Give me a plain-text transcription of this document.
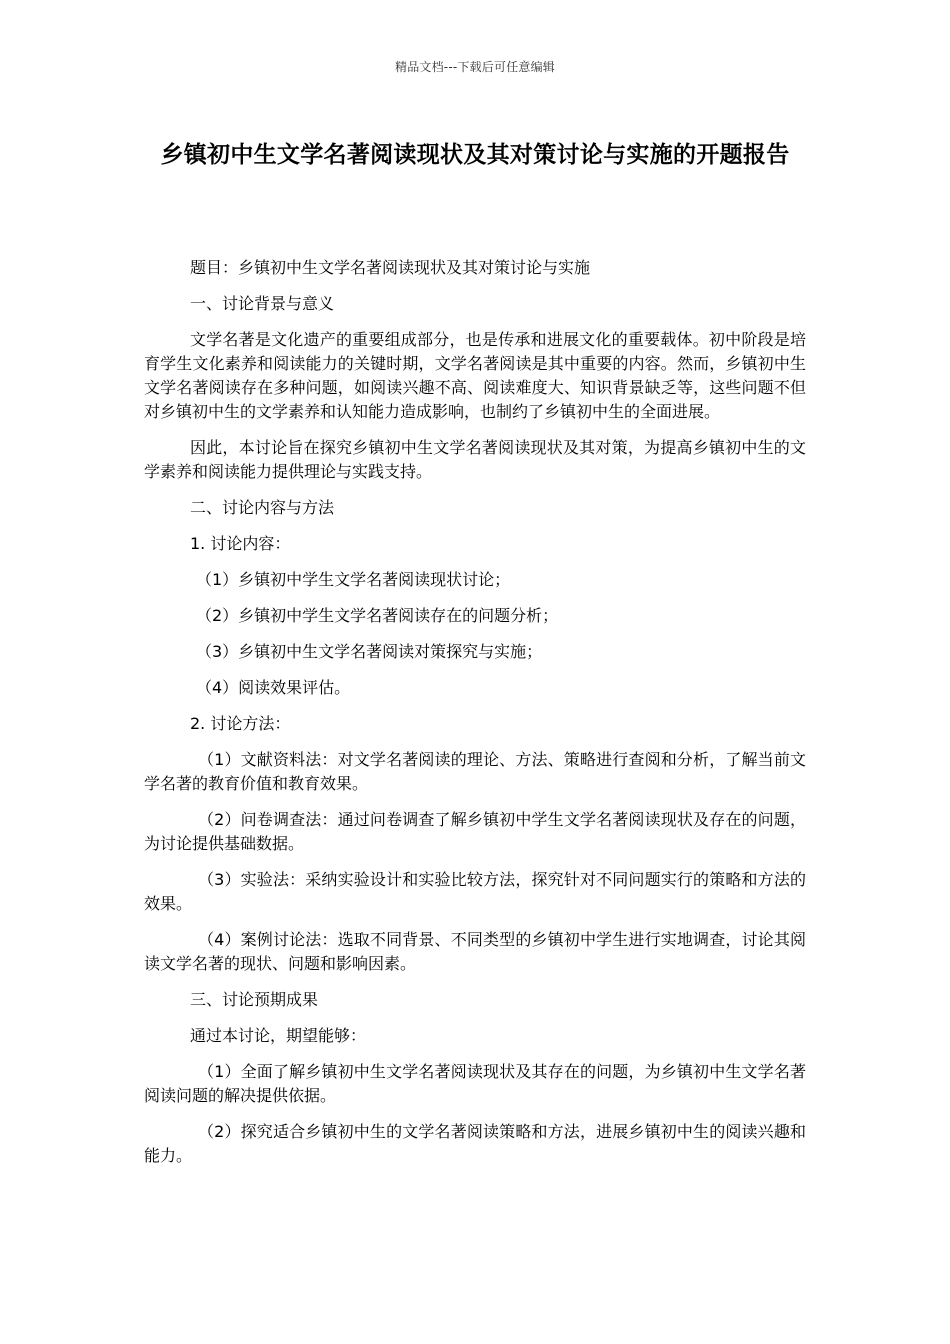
精品文档---下载后可任意编辑
乡镇初中生文学名著阅读现状及其对策讨论与实施的开题报告

题目：乡镇初中生文学名著阅读现状及其对策讨论与实施

一、讨论背景与意义

文学名著是文化遗产的重要组成部分，也是传承和进展文化的重要载体。初中阶段是培育学生文化素养和阅读能力的关键时期，文学名著阅读是其中重要的内容。然而，乡镇初中生文学名著阅读存在多种问题，如阅读兴趣不高、阅读难度大、知识背景缺乏等，这些问题不但对乡镇初中生的文学素养和认知能力造成影响，也制约了乡镇初中生的全面进展。

因此，本讨论旨在探究乡镇初中生文学名著阅读现状及其对策，为提高乡镇初中生的文学素养和阅读能力提供理论与实践支持。

二、讨论内容与方法

1. 讨论内容：

（1）乡镇初中学生文学名著阅读现状讨论；

（2）乡镇初中学生文学名著阅读存在的问题分析；

（3）乡镇初中生文学名著阅读对策探究与实施；

（4）阅读效果评估。

2. 讨论方法：

（1）文献资料法：对文学名著阅读的理论、方法、策略进行查阅和分析，了解当前文学名著的教育价值和教育效果。

（2）问卷调查法：通过问卷调查了解乡镇初中学生文学名著阅读现状及存在的问题，为讨论提供基础数据。

（3）实验法：采纳实验设计和实验比较方法，探究针对不同问题实行的策略和方法的效果。

（4）案例讨论法：选取不同背景、不同类型的乡镇初中学生进行实地调查，讨论其阅读文学名著的现状、问题和影响因素。

三、讨论预期成果

通过本讨论，期望能够：

（1）全面了解乡镇初中生文学名著阅读现状及其存在的问题，为乡镇初中生文学名著阅读问题的解决提供依据。

（2）探究适合乡镇初中生的文学名著阅读策略和方法，进展乡镇初中生的阅读兴趣和能力。
